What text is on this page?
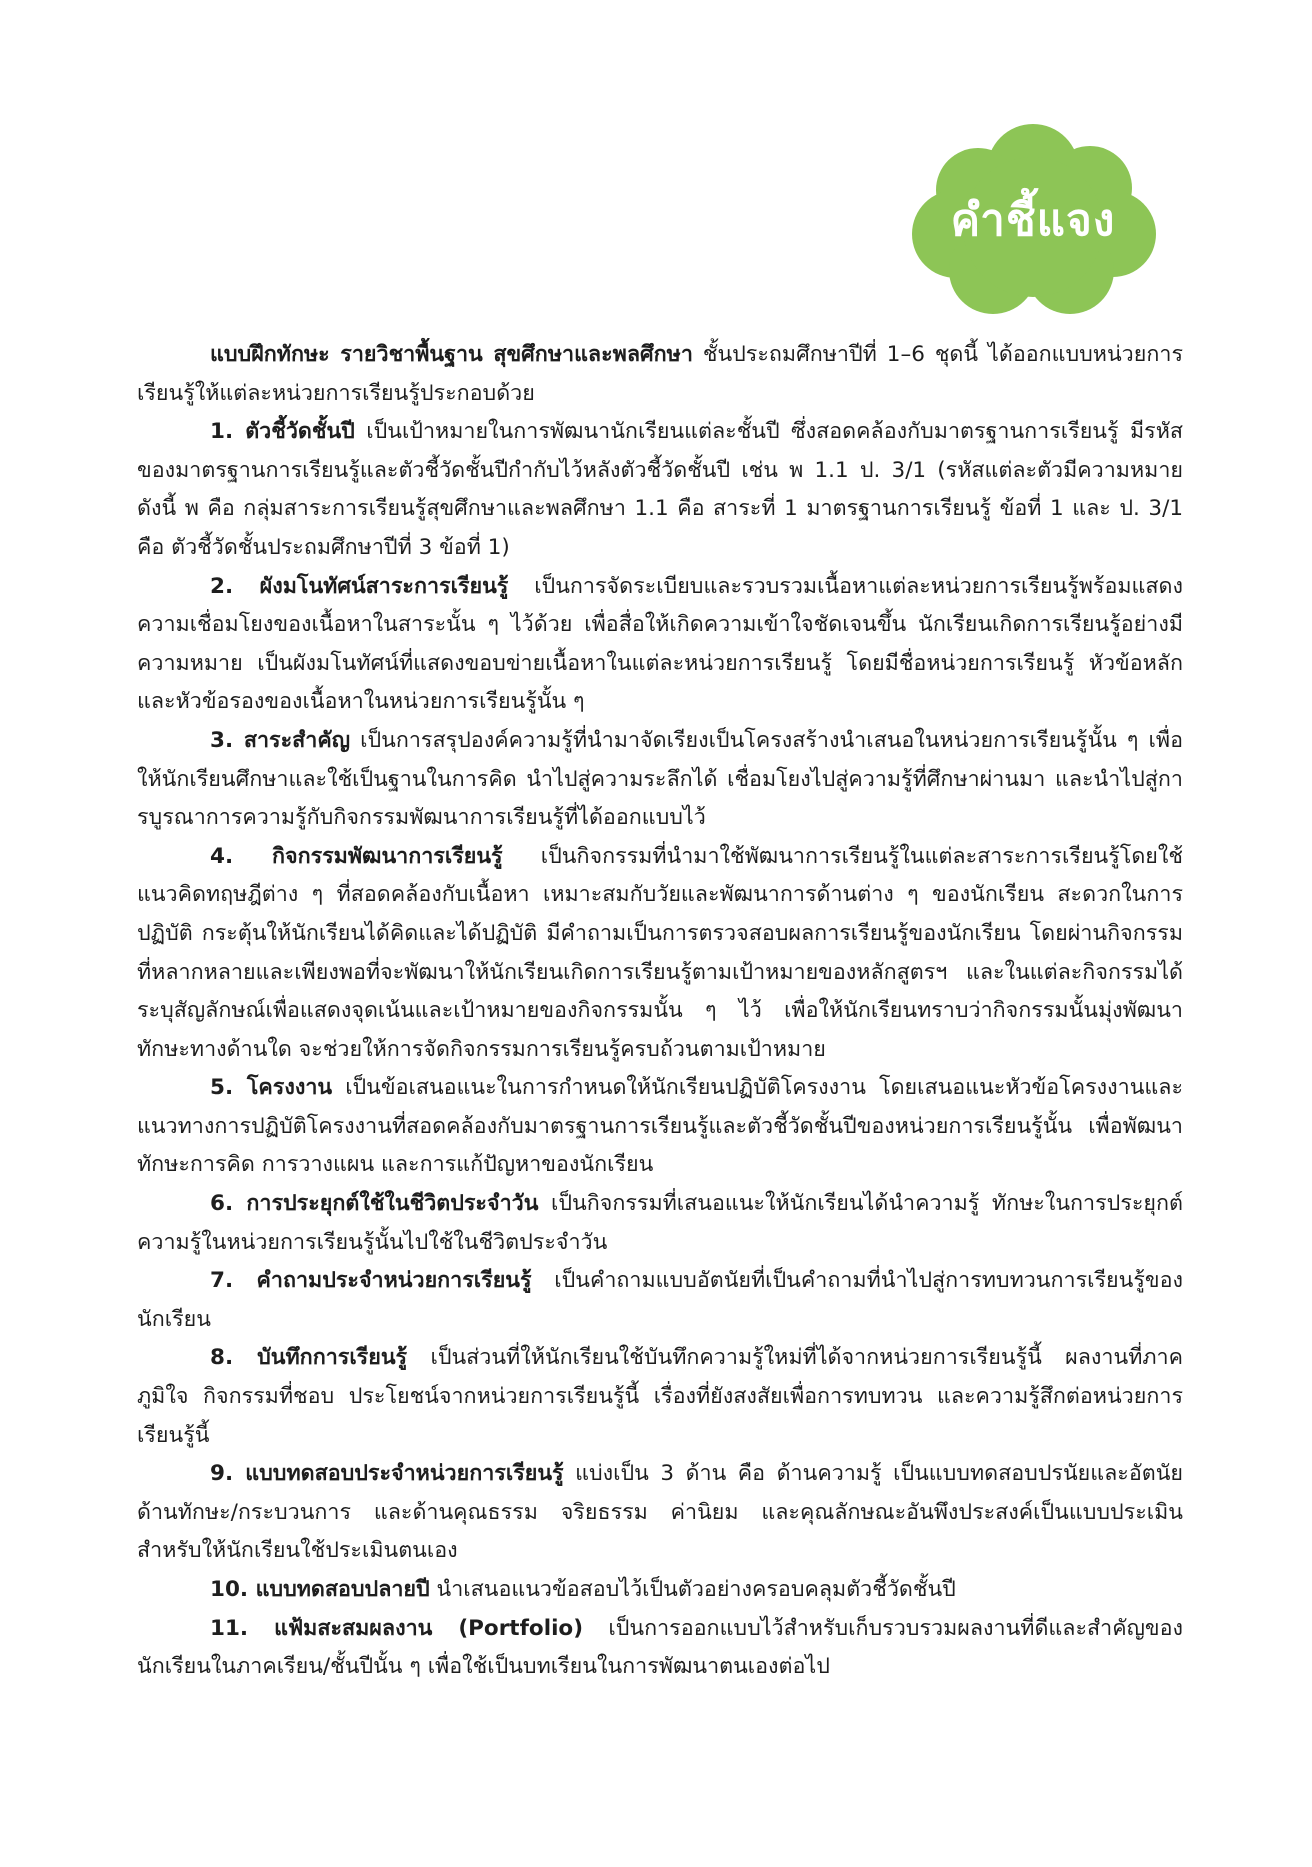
คำชี้แจง

แบบฝึกทักษะ รายวิชาพื้นฐาน สุขศึกษาและพลศึกษา ชั้นประถมศึกษาปีที่ 1–6 ชุดนี้ ได้ออกแบบหน่วยการเรียนรู้ให้แต่ละหน่วยการเรียนรู้ประกอบด้วย

1. ตัวชี้วัดชั้นปี เป็นเป้าหมายในการพัฒนานักเรียนแต่ละชั้นปี ซึ่งสอดคล้องกับมาตรฐานการเรียนรู้ มีรหัสของมาตรฐานการเรียนรู้และตัวชี้วัดชั้นปีกำกับไว้หลังตัวชี้วัดชั้นปี เช่น พ 1.1 ป. 3/1 (รหัสแต่ละตัวมีความหมายดังนี้ พ คือ กลุ่มสาระการเรียนรู้สุขศึกษาและพลศึกษา 1.1 คือ สาระที่ 1 มาตรฐานการเรียนรู้ ข้อที่ 1 และ ป. 3/1 คือ ตัวชี้วัดชั้นประถมศึกษาปีที่ 3 ข้อที่ 1)

2. ผังมโนทัศน์สาระการเรียนรู้ เป็นการจัดระเบียบและรวบรวมเนื้อหาแต่ละหน่วยการเรียนรู้พร้อมแสดงความเชื่อมโยงของเนื้อหาในสาระนั้น ๆ ไว้ด้วย เพื่อสื่อให้เกิดความเข้าใจชัดเจนขึ้น นักเรียนเกิดการเรียนรู้อย่างมีความหมาย เป็นผังมโนทัศน์ที่แสดงขอบข่ายเนื้อหาในแต่ละหน่วยการเรียนรู้ โดยมีชื่อหน่วยการเรียนรู้ หัวข้อหลัก และหัวข้อรองของเนื้อหาในหน่วยการเรียนรู้นั้น ๆ

3. สาระสำคัญ เป็นการสรุปองค์ความรู้ที่นำมาจัดเรียงเป็นโครงสร้างนำเสนอในหน่วยการเรียนรู้นั้น ๆ เพื่อให้นักเรียนศึกษาและใช้เป็นฐานในการคิด นำไปสู่ความระลึกได้ เชื่อมโยงไปสู่ความรู้ที่ศึกษาผ่านมา และนำไปสู่การบูรณาการความรู้กับกิจกรรมพัฒนาการเรียนรู้ที่ได้ออกแบบไว้

4. กิจกรรมพัฒนาการเรียนรู้ เป็นกิจกรรมที่นำมาใช้พัฒนาการเรียนรู้ในแต่ละสาระการเรียนรู้โดยใช้แนวคิดทฤษฎีต่าง ๆ ที่สอดคล้องกับเนื้อหา เหมาะสมกับวัยและพัฒนาการด้านต่าง ๆ ของนักเรียน สะดวกในการปฏิบัติ กระตุ้นให้นักเรียนได้คิดและได้ปฏิบัติ มีคำถามเป็นการตรวจสอบผลการเรียนรู้ของนักเรียน โดยผ่านกิจกรรมที่หลากหลายและเพียงพอที่จะพัฒนาให้นักเรียนเกิดการเรียนรู้ตามเป้าหมายของหลักสูตรฯ และในแต่ละกิจกรรมได้ระบุสัญลักษณ์เพื่อแสดงจุดเน้นและเป้าหมายของกิจกรรมนั้น ๆ ไว้ เพื่อให้นักเรียนทราบว่ากิจกรรมนั้นมุ่งพัฒนาทักษะทางด้านใด จะช่วยให้การจัดกิจกรรมการเรียนรู้ครบถ้วนตามเป้าหมาย

5. โครงงาน เป็นข้อเสนอแนะในการกำหนดให้นักเรียนปฏิบัติโครงงาน โดยเสนอแนะหัวข้อโครงงานและแนวทางการปฏิบัติโครงงานที่สอดคล้องกับมาตรฐานการเรียนรู้และตัวชี้วัดชั้นปีของหน่วยการเรียนรู้นั้น เพื่อพัฒนาทักษะการคิด การวางแผน และการแก้ปัญหาของนักเรียน

6. การประยุกต์ใช้ในชีวิตประจำวัน เป็นกิจกรรมที่เสนอแนะให้นักเรียนได้นำความรู้ ทักษะในการประยุกต์ความรู้ในหน่วยการเรียนรู้นั้นไปใช้ในชีวิตประจำวัน

7. คำถามประจำหน่วยการเรียนรู้ เป็นคำถามแบบอัตนัยที่เป็นคำถามที่นำไปสู่การทบทวนการเรียนรู้ของนักเรียน

8. บันทึกการเรียนรู้ เป็นส่วนที่ให้นักเรียนใช้บันทึกความรู้ใหม่ที่ได้จากหน่วยการเรียนรู้นี้ ผลงานที่ภาคภูมิใจ กิจกรรมที่ชอบ ประโยชน์จากหน่วยการเรียนรู้นี้ เรื่องที่ยังสงสัยเพื่อการทบทวน และความรู้สึกต่อหน่วยการเรียนรู้นี้

9. แบบทดสอบประจำหน่วยการเรียนรู้ แบ่งเป็น 3 ด้าน คือ ด้านความรู้ เป็นแบบทดสอบปรนัยและอัตนัย ด้านทักษะ/กระบวนการ และด้านคุณธรรม จริยธรรม ค่านิยม และคุณลักษณะอันพึงประสงค์เป็นแบบประเมินสำหรับให้นักเรียนใช้ประเมินตนเอง

10. แบบทดสอบปลายปี นำเสนอแนวข้อสอบไว้เป็นตัวอย่างครอบคลุมตัวชี้วัดชั้นปี

11. แฟ้มสะสมผลงาน (Portfolio) เป็นการออกแบบไว้สำหรับเก็บรวบรวมผลงานที่ดีและสำคัญของนักเรียนในภาคเรียน/ชั้นปีนั้น ๆ เพื่อใช้เป็นบทเรียนในการพัฒนาตนเองต่อไป
